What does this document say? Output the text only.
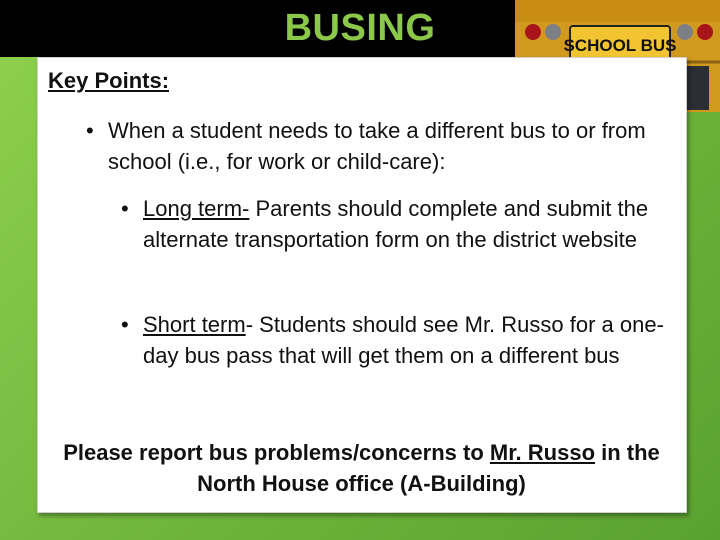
BUSING	SCHOOL BUS
Key Points:
• When a student needs to take a different bus to or from school (i.e., for work or child-care):
• Long term- Parents should complete and submit the alternate transportation form on the district website
• Short term- Students should see Mr. Russo for a one-day bus pass that will get them on a different bus
Please report bus problems/concerns to Mr. Russo in the North House office (A-Building)
